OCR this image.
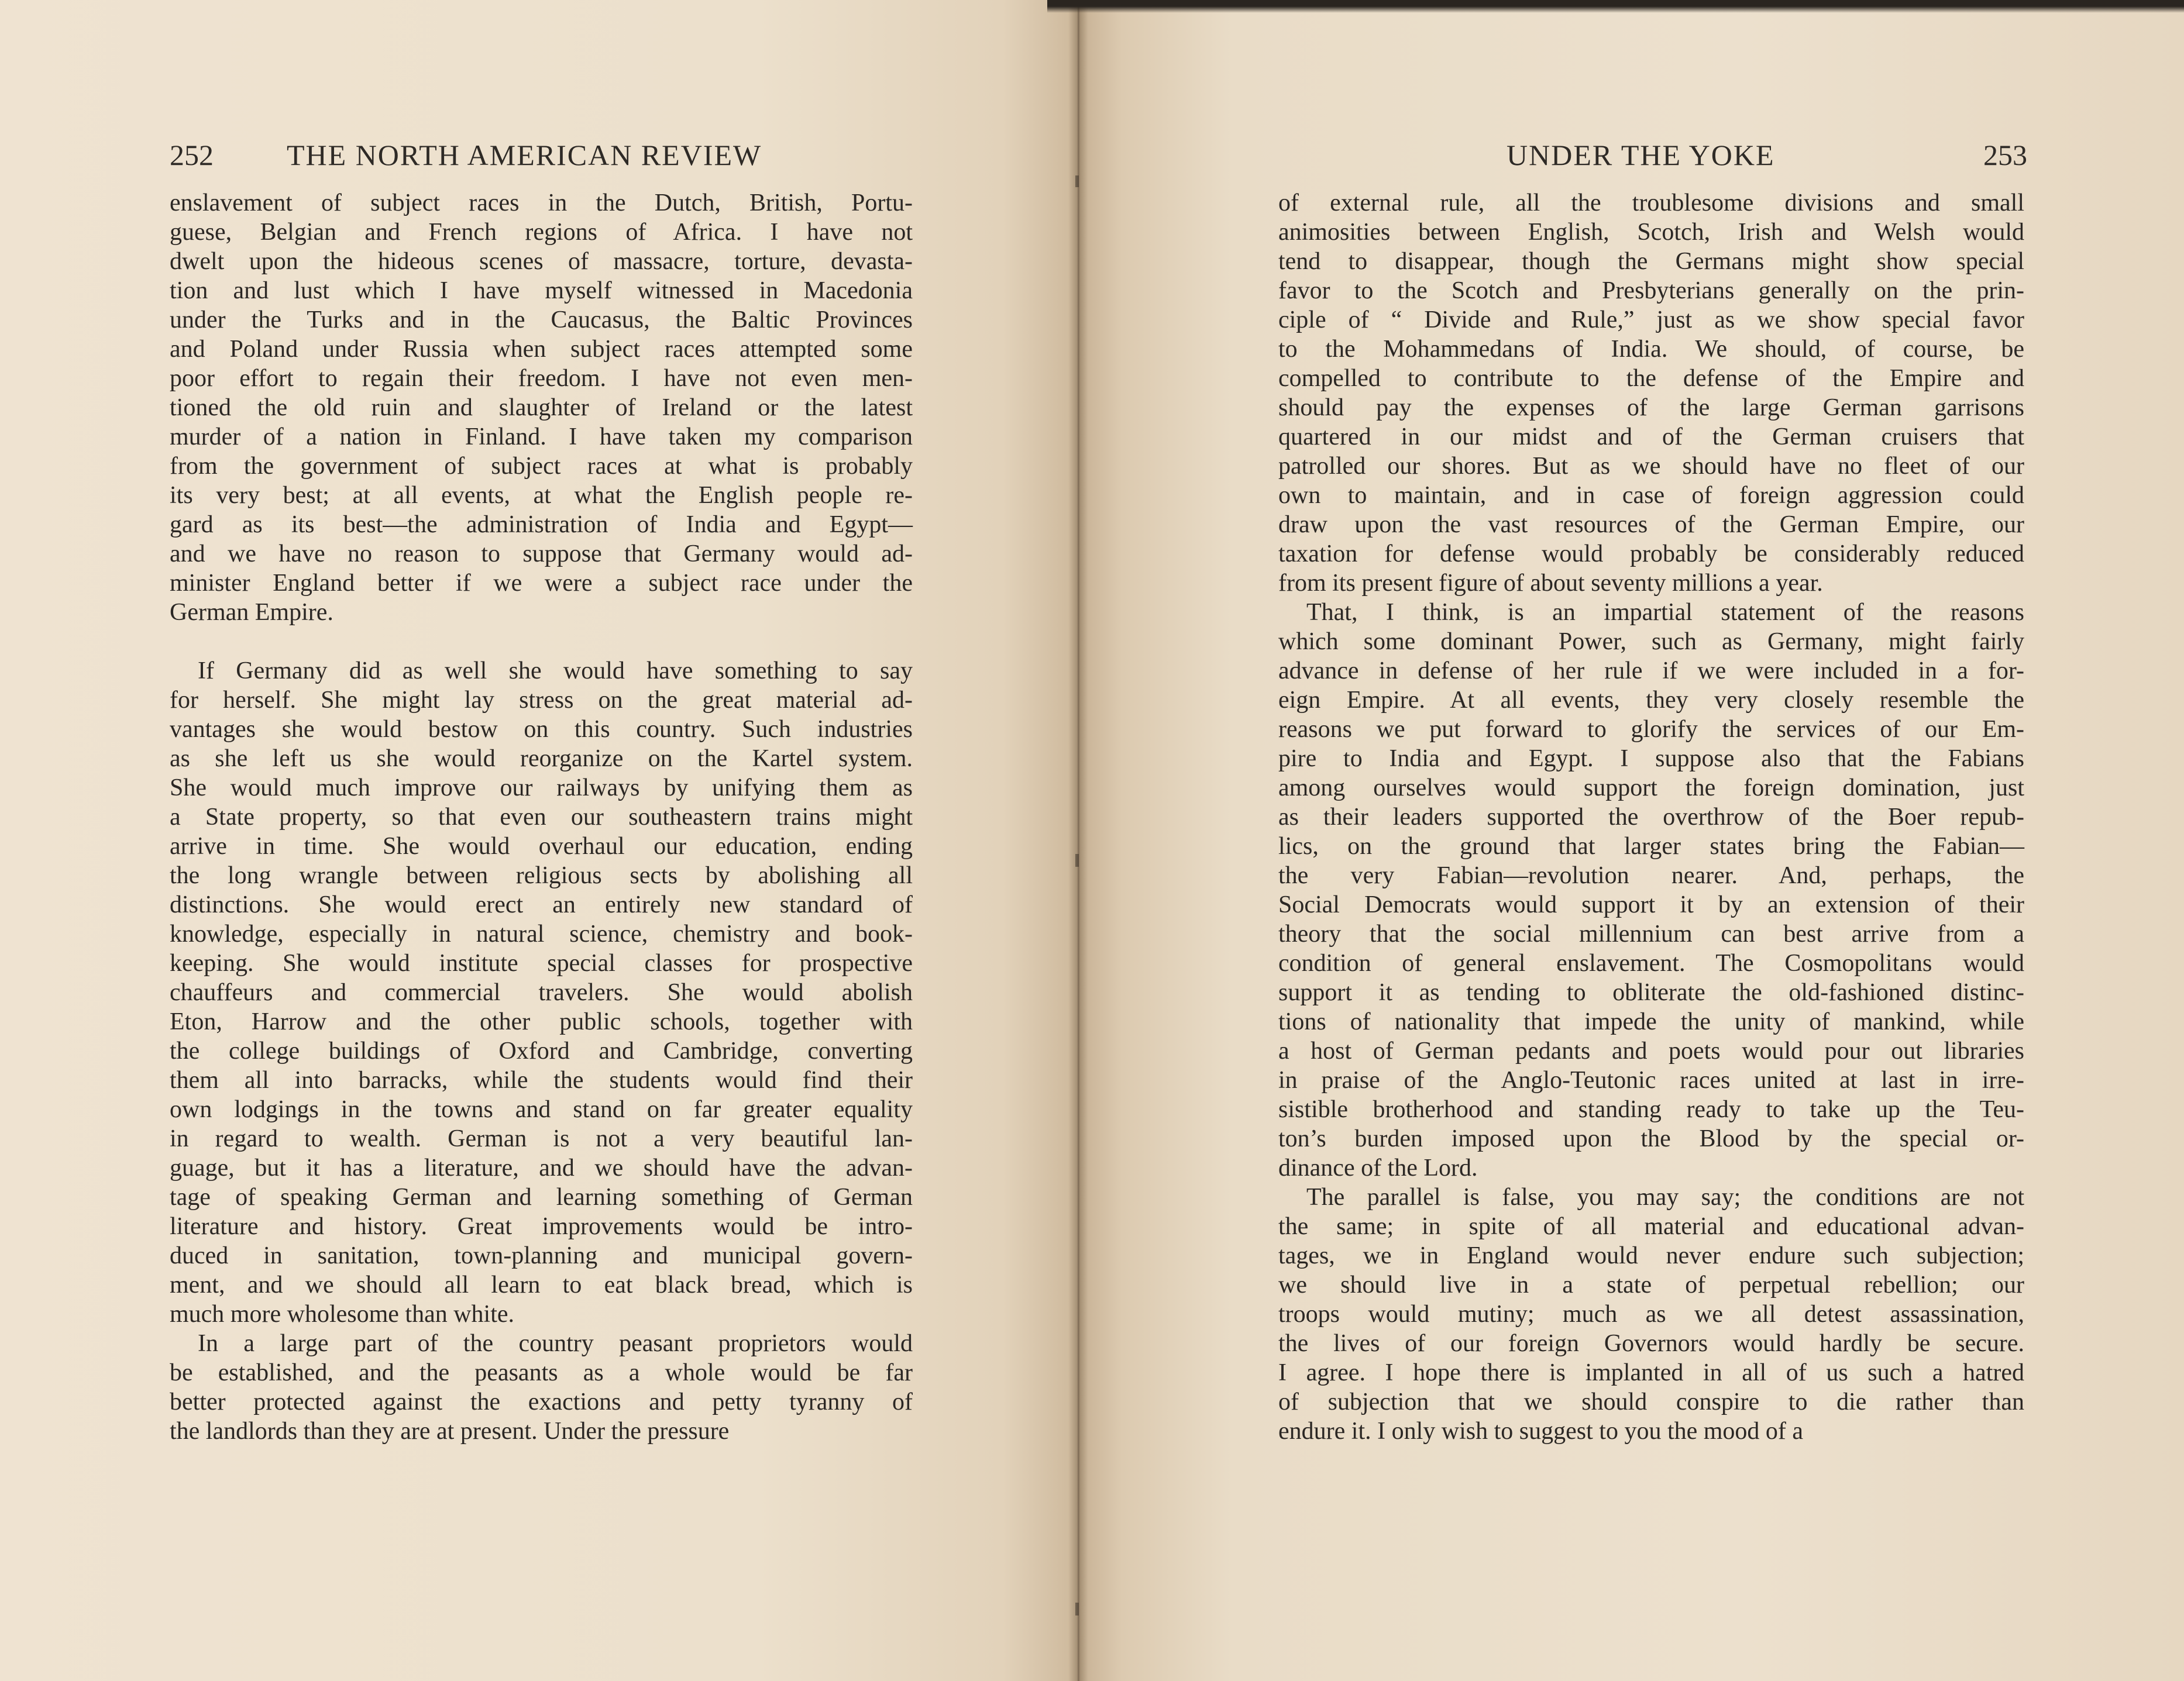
252	THE NORTH AMERICAN REVIEW
enslavement of subject races in the Dutch, British, Portu-
guese, Belgian and French regions of Africa. I have not
dwelt upon the hideous scenes of massacre, torture, devasta-
tion and lust which I have myself witnessed in Macedonia
under the Turks and in the Caucasus, the Baltic Provinces
and Poland under Russia when subject races attempted some
poor effort to regain their freedom. I have not even men-
tioned the old ruin and slaughter of Ireland or the latest
murder of a nation in Finland. I have taken my comparison
from the government of subject races at what is probably
its very best; at all events, at what the English people re-
gard as its best—the administration of India and Egypt—
and we have no reason to suppose that Germany would ad-
minister England better if we were a subject race under the
German Empire.
If Germany did as well she would have something to say
for herself. She might lay stress on the great material ad-
vantages she would bestow on this country. Such industries
as she left us she would reorganize on the Kartel system.
She would much improve our railways by unifying them as
a State property, so that even our southeastern trains might
arrive in time. She would overhaul our education, ending
the long wrangle between religious sects by abolishing all
distinctions. She would erect an entirely new standard of
knowledge, especially in natural science, chemistry and book-
keeping. She would institute special classes for prospective
chauffeurs and commercial travelers. She would abolish
Eton, Harrow and the other public schools, together with
the college buildings of Oxford and Cambridge, converting
them all into barracks, while the students would find their
own lodgings in the towns and stand on far greater equality
in regard to wealth. German is not a very beautiful lan-
guage, but it has a literature, and we should have the advan-
tage of speaking German and learning something of German
literature and history. Great improvements would be intro-
duced in sanitation, town-planning and municipal govern-
ment, and we should all learn to eat black bread, which is
much more wholesome than white.
In a large part of the country peasant proprietors would
be established, and the peasants as a whole would be far
better protected against the exactions and petty tyranny of
the landlords than they are at present. Under the pressure
UNDER THE YOKE	253
of external rule, all the troublesome divisions and small
animosities between English, Scotch, Irish and Welsh would
tend to disappear, though the Germans might show special
favor to the Scotch and Presbyterians generally on the prin-
ciple of “ Divide and Rule,” just as we show special favor
to the Mohammedans of India. We should, of course, be
compelled to contribute to the defense of the Empire and
should pay the expenses of the large German garrisons
quartered in our midst and of the German cruisers that
patrolled our shores. But as we should have no fleet of our
own to maintain, and in case of foreign aggression could
draw upon the vast resources of the German Empire, our
taxation for defense would probably be considerably reduced
from its present figure of about seventy millions a year.
That, I think, is an impartial statement of the reasons
which some dominant Power, such as Germany, might fairly
advance in defense of her rule if we were included in a for-
eign Empire. At all events, they very closely resemble the
reasons we put forward to glorify the services of our Em-
pire to India and Egypt. I suppose also that the Fabians
among ourselves would support the foreign domination, just
as their leaders supported the overthrow of the Boer repub-
lics, on the ground that larger states bring the Fabian—
the very Fabian—revolution nearer. And, perhaps, the
Social Democrats would support it by an extension of their
theory that the social millennium can best arrive from a
condition of general enslavement. The Cosmopolitans would
support it as tending to obliterate the old-fashioned distinc-
tions of nationality that impede the unity of mankind, while
a host of German pedants and poets would pour out libraries
in praise of the Anglo-Teutonic races united at last in irre-
sistible brotherhood and standing ready to take up the Teu-
ton’s burden imposed upon the Blood by the special or-
dinance of the Lord.
The parallel is false, you may say; the conditions are not
the same; in spite of all material and educational advan-
tages, we in England would never endure such subjection;
we should live in a state of perpetual rebellion; our
troops would mutiny; much as we all detest assassination,
the lives of our foreign Governors would hardly be secure.
I agree. I hope there is implanted in all of us such a hatred
of subjection that we should conspire to die rather than
endure it. I only wish to suggest to you the mood of a
